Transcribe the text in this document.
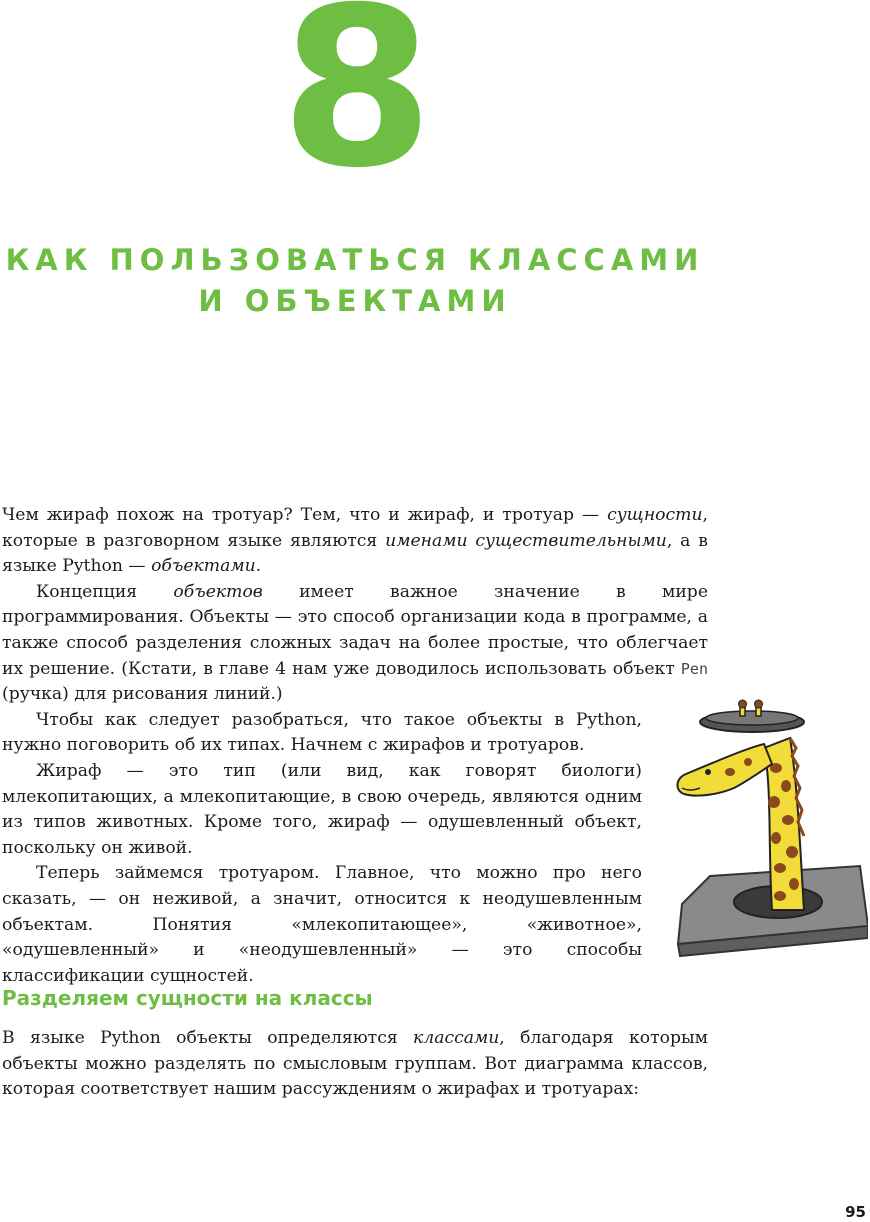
8
КАК ПОЛЬЗОВАТЬСЯ КЛАССАМИ
И ОБЪЕКТАМИ

Чем жираф похож на тротуар? Тем, что и жираф, и тротуар — сущности, которые в разговорном языке являются именами существительными, а в языке Python — объектами.

Концепция объектов имеет важное значение в мире программирования. Объекты — это способ организации кода в программе, а также способ разделения сложных задач на более простые, что облегчает их решение. (Кстати, в главе 4 нам уже доводилось использовать объект Pen (ручка) для рисования линий.)

Чтобы как следует разобраться, что такое объекты в Python, нужно поговорить об их типах. Начнем с жирафов и тротуаров.

Жираф — это тип (или вид, как говорят биологи) млекопитающих, а млекопитающие, в свою очередь, являются одним из типов животных. Кроме того, жираф — одушевленный объект, поскольку он живой.

Теперь займемся тротуаром. Главное, что можно про него сказать, — он неживой, а значит, относится к неодушевленным объектам. Понятия «млекопитающее», «животное», «одушевленный» и «неодушевленный» — это способы классификации сущностей.

Разделяем сущности на классы

В языке Python объекты определяются классами, благодаря которым объекты можно разделять по смысловым группам. Вот диаграмма классов, которая соответствует нашим рассуждениям о жирафах и тротуарах:

95
